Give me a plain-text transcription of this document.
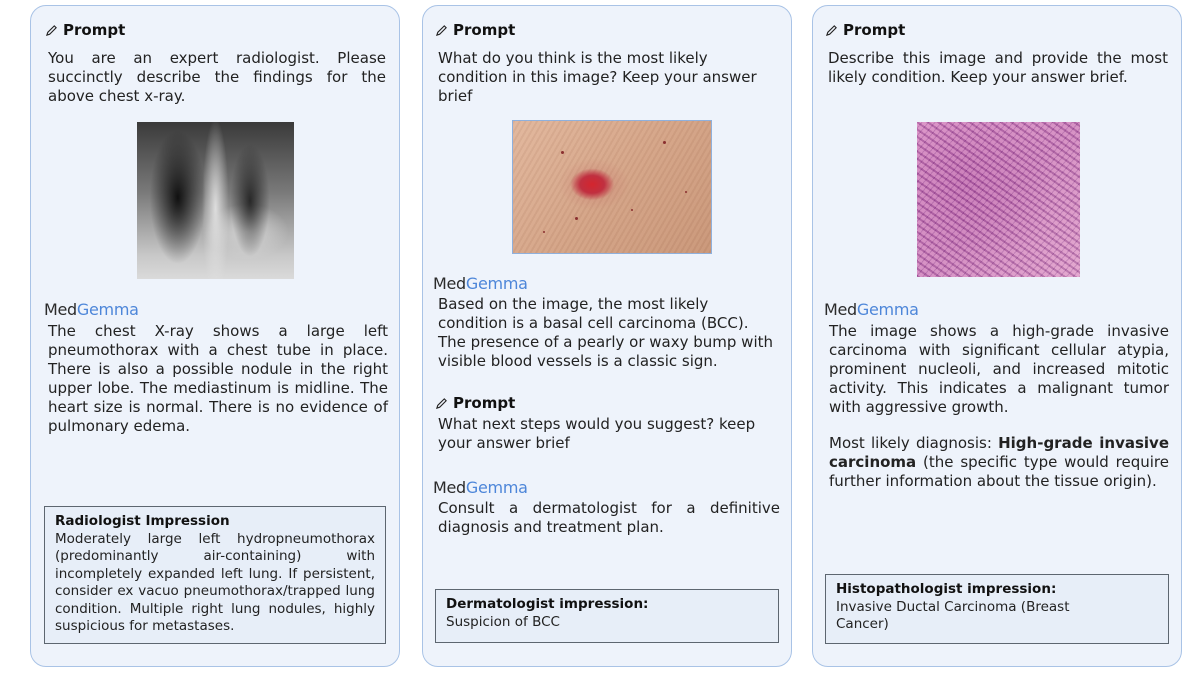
Prompt
You are an expert radiologist. Please succinctly describe the findings for the above chest x-ray.
MedGemma
The chest X-ray shows a large left pneumothorax with a chest tube in place. There is also a possible nodule in the right upper lobe. The mediastinum is midline. The heart size is normal. There is no evidence of pulmonary edema.
Radiologist Impression
Moderately large left hydropneumothorax (predominantly air-containing) with incompletely expanded left lung. If persistent, consider ex vacuo pneumothorax/trapped lung condition. Multiple right lung nodules, highly suspicious for metastases.
Prompt
What do you think is the most likely condition in this image? Keep your answer brief
MedGemma
Based on the image, the most likely condition is a basal cell carcinoma (BCC). The presence of a pearly or waxy bump with visible blood vessels is a classic sign.
Prompt
What next steps would you suggest? keep your answer brief
MedGemma
Consult a dermatologist for a definitive diagnosis and treatment plan.
Dermatologist impression:
Suspicion of BCC
Prompt
Describe this image and provide the most likely condition. Keep your answer brief.
MedGemma
The image shows a high-grade invasive carcinoma with significant cellular atypia, prominent nucleoli, and increased mitotic activity. This indicates a malignant tumor with aggressive growth.
Most likely diagnosis: High-grade invasive carcinoma (the specific type would require further information about the tissue origin).
Histopathologist impression:
Invasive Ductal Carcinoma (Breast Cancer)
